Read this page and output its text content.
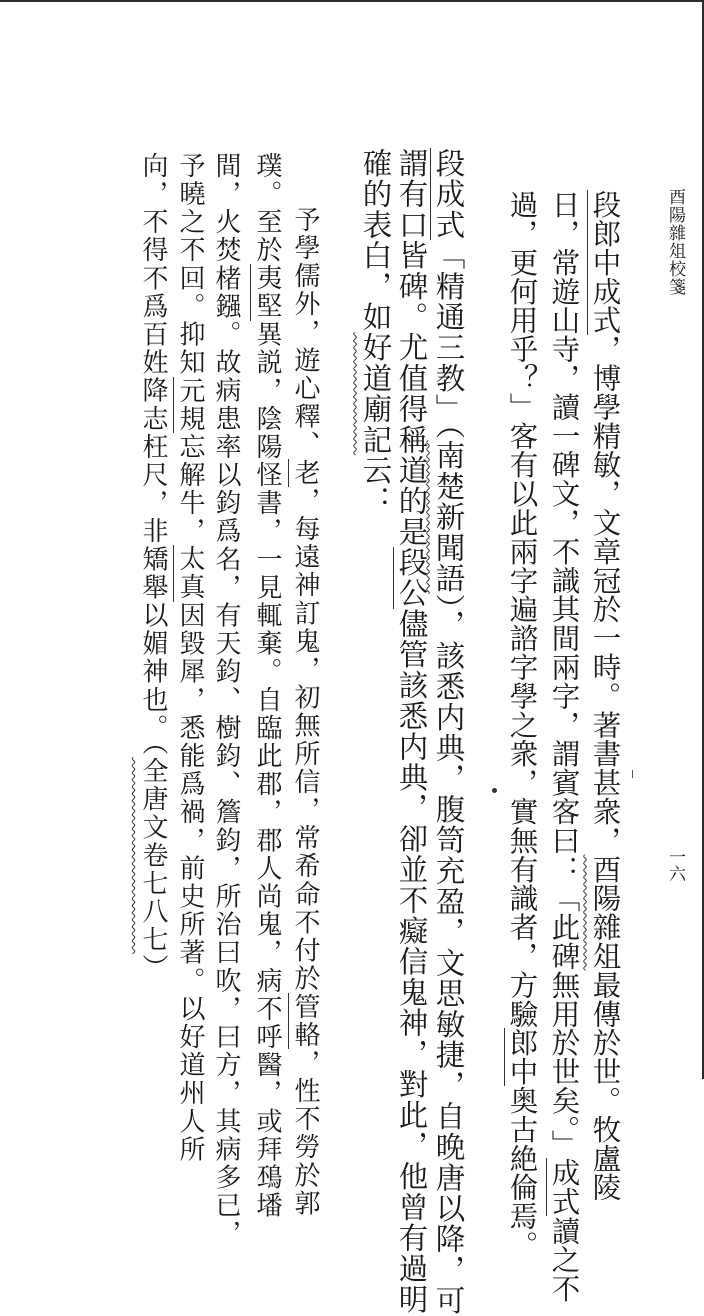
酉陽雜俎校箋
一六
段郎中成式，博學精敏，文章冠於一時。著書甚衆，酉陽雜俎最傳於世。牧盧陵
日，常遊山寺，讀一碑文，不識其間兩字，謂賓客曰：「此碑無用於世矣。」成式讀之不
過，更何用乎？」客有以此兩字遍諮字學之衆，實無有識者，方驗郎中奥古絶倫焉。
段成式「精通三教」（南楚新聞語），該悉内典，腹笥充盈，文思敏捷，自晚唐以降，可
謂有口皆碑。尤值得稱道的是段公儘管該悉内典，卻並不癡信鬼神，對此，他曾有過明
確的表白，如好道廟記云：
予學儒外，遊心釋、老，每遠神訂鬼，初無所信，常希命不付於管輅，性不勞於郭
璞。至於夷堅異説，陰陽怪書，一見輒棄。自臨此郡，郡人尚鬼，病不呼醫，或拜䲹墦
間，火焚楮鏹。故病患率以鈞爲名，有天鈞、樹鈞、簷鈞，所治曰吹，曰方，其病多已，
予曉之不回。抑知元規忘解牛，太真因毀犀，悉能爲禍，前史所著。以好道州人所
向，不得不爲百姓降志枉尺，非矯舉以媚神也。（全唐文卷七八七）
